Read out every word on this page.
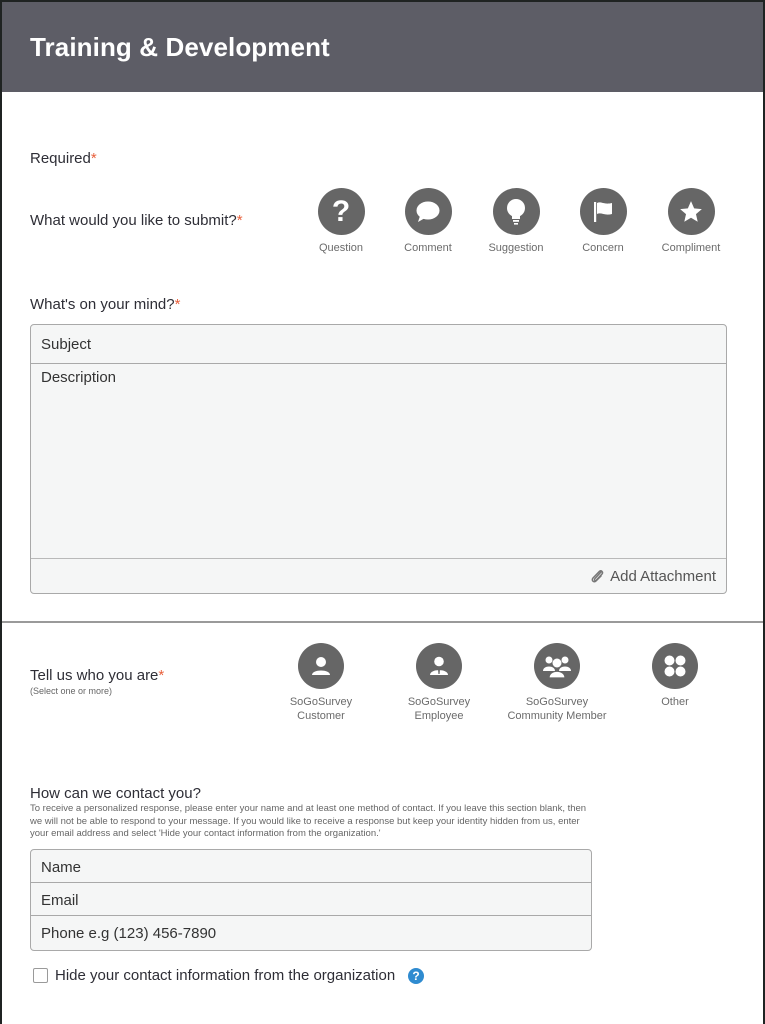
Training & Development
Required*
What would you like to submit?*	?
Question	Comment	Suggestion	Concern	Compliment
What's on your mind?*
Subject
Description
Add Attachment
Tell us who you are*
(Select one or more)
SoGoSurvey
Customer
SoGoSurvey
Employee
SoGoSurvey
Community Member
Other
How can we contact you?
To receive a personalized response, please enter your name and at least one method of contact. If you leave this section blank, then we will not be able to respond to your message. If you would like to receive a response but keep your identity hidden from us, enter your email address and select 'Hide your contact information from the organization.'
Name
Email
Phone e.g (123) 456-7890
Hide your contact information from the organization ?
